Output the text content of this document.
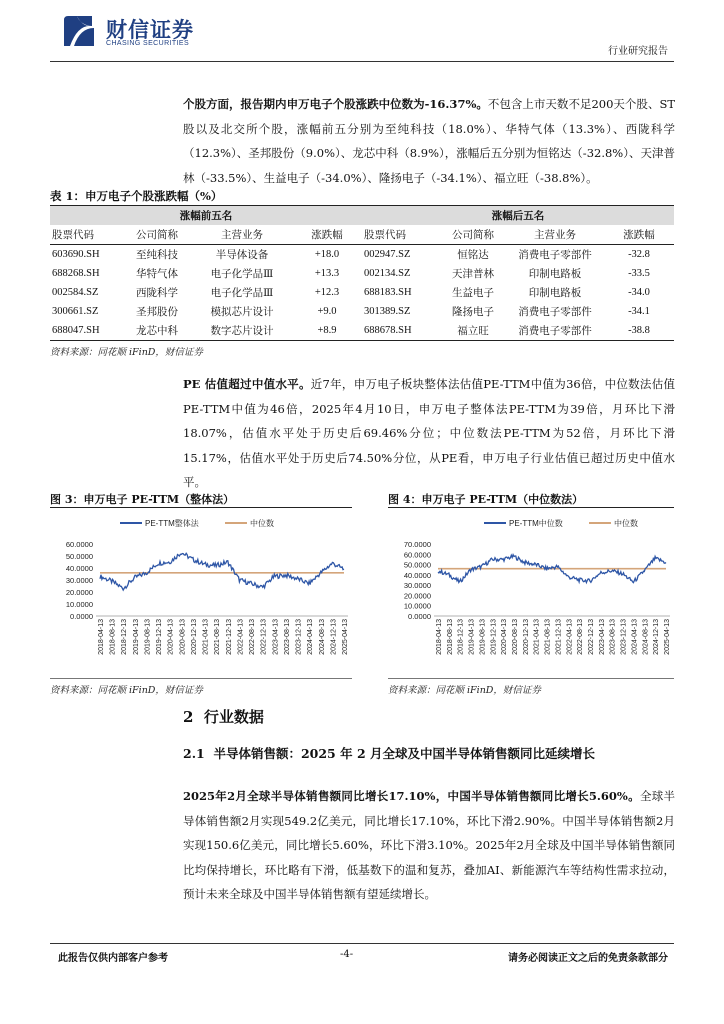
财信证券
CHASING SECURITIES
行业研究报告
个股方面，报告期内申万电子个股涨跌中位数为-16.37%。不包含上市天数不足200天个股、ST股以及北交所个股，涨幅前五分别为至纯科技（18.0%）、华特气体（13.3%）、西陇科学（12.3%）、圣邦股份（9.0%）、龙芯中科（8.9%），涨幅后五分别为恒铭达（-32.8%）、天津普林（-33.5%）、生益电子（-34.0%）、隆扬电子（-34.1%）、福立旺（-38.8%）。
表 1：申万电子个股涨跌幅（%）
涨幅前五名				涨幅后五名			
股票代码	公司简称	主营业务	涨跌幅	股票代码	公司简称	主营业务	涨跌幅
603690.SH	至纯科技	半导体设备	+18.0	002947.SZ	恒铭达	消费电子零部件	-32.8
688268.SH	华特气体	电子化学品Ⅲ	+13.3	002134.SZ	天津普林	印制电路板	-33.5
002584.SZ	西陇科学	电子化学品Ⅲ	+12.3	688183.SH	生益电子	印制电路板	-34.0
300661.SZ	圣邦股份	模拟芯片设计	+9.0	301389.SZ	隆扬电子	消费电子零部件	-34.1
688047.SH	龙芯中科	数字芯片设计	+8.9	688678.SH	福立旺	消费电子零部件	-38.8
资料来源：同花顺 iFinD，财信证券
PE 估值超过中值水平。近7年，申万电子板块整体法估值PE-TTM中值为36倍，中位数法估值PE-TTM中值为46倍，2025年4月10日，申万电子整体法PE-TTM为39倍，月环比下滑18.07%，估值水平处于历史后69.46%分位；中位数法PE-TTM为52倍，月环比下滑15.17%，估值水平处于历史后74.50%分位，从PE看，申万电子行业估值已超过历史中值水平。
图 3：申万电子 PE-TTM（整体法）
PE-TTM整体法	中位数
0.0000
10.0000
20.0000
30.0000
40.0000
50.0000
60.0000
2018-04-13 2018-08-13 2018-12-13 2019-04-13 2019-08-13 2019-12-13 2020-04-13 2020-08-13 2020-12-13 2021-04-13 2021-08-13 2021-12-13 2022-04-13 2022-08-13 2022-12-13 2023-04-13 2023-08-13 2023-12-13 2024-04-13 2024-08-13 2024-12-13 2025-04-13
资料来源：同花顺 iFinD，财信证券
图 4：申万电子 PE-TTM（中位数法）
PE-TTM中位数	中位数
0.0000
10.0000
20.0000
30.0000
40.0000
50.0000
60.0000
70.0000
2018-04-13 2018-08-13 2018-12-13 2019-04-13 2019-08-13 2019-12-13 2020-04-13 2020-08-13 2020-12-13 2021-04-13 2021-08-13 2021-12-13 2022-04-13 2022-08-13 2022-12-13 2023-04-13 2023-08-13 2023-12-13 2024-04-13 2024-08-13 2024-12-13 2025-04-13
资料来源：同花顺 iFinD，财信证券
2 行业数据
2.1 半导体销售额：2025 年 2 月全球及中国半导体销售额同比延续增长
2025年2月全球半导体销售额同比增长17.10%，中国半导体销售额同比增长5.60%。全球半导体销售额2月实现549.2亿美元，同比增长17.10%，环比下滑2.90%。中国半导体销售额2月实现150.6亿美元，同比增长5.60%，环比下滑3.10%。2025年2月全球及中国半导体销售额同比均保持增长，环比略有下滑，低基数下的温和复苏，叠加AI、新能源汽车等结构性需求拉动，预计未来全球及中国半导体销售额有望延续增长。
此报告仅供内部客户参考	-4-	请务必阅读正文之后的免责条款部分
